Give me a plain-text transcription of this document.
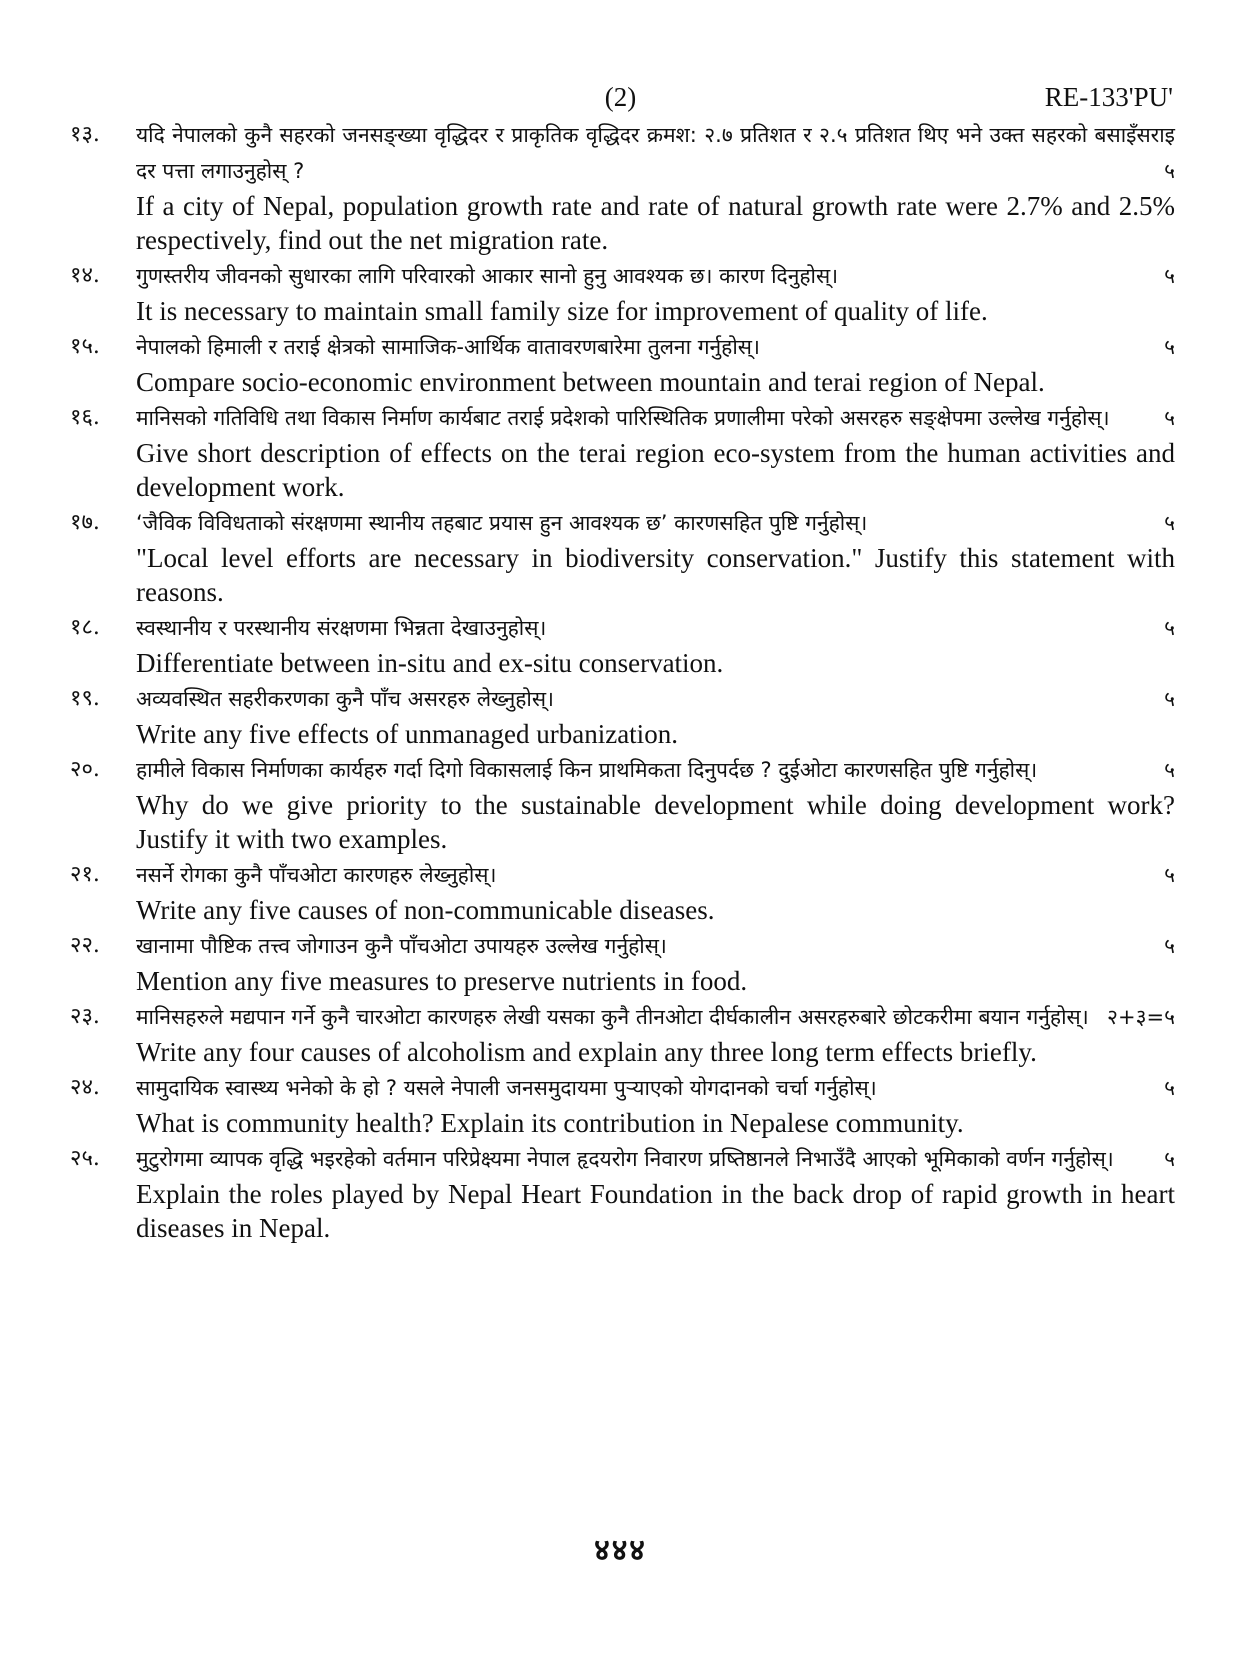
(2)	RE-133'PU'
१३. यदि नेपालको कुनै सहरको जनसङ्ख्या वृद्धिदर र प्राकृतिक वृद्धिदर क्रमश: २.७ प्रतिशत र २.५ प्रतिशत थिए भने उक्त सहरको बसाइँसराइ दर पत्ता लगाउनुहोस् ?	५
If a city of Nepal, population growth rate and rate of natural growth rate were 2.7% and 2.5% respectively, find out the net migration rate.
१४.	५
गुणस्तरीय जीवनको सुधारका लागि परिवारको आकार सानो हुनु आवश्यक छ। कारण दिनुहोस्।
It is necessary to maintain small family size for improvement of quality of life.
१५.	५
नेपालको हिमाली र तराई क्षेत्रको सामाजिक-आर्थिक वातावरणबारेमा तुलना गर्नुहोस्।
Compare socio-economic environment between mountain and terai region of Nepal.
१६. मानिसको गतिविधि तथा विकास निर्माण कार्यबाट तराई प्रदेशको पारिस्थितिक प्रणालीमा परेको असरहरु सङ्क्षेपमा उल्लेख गर्नुहोस्।	५
Give short description of effects on the terai region eco-system from the human activities and development work.
१७.	५
‘जैविक विविधताको संरक्षणमा स्थानीय तहबाट प्रयास हुन आवश्यक छ’ कारणसहित पुष्टि गर्नुहोस्।
"Local level efforts are necessary in biodiversity conservation." Justify this statement with reasons.
१८.	५
स्वस्थानीय र परस्थानीय संरक्षणमा भिन्नता देखाउनुहोस्।
Differentiate between in-situ and ex-situ conservation.
१९.	५
अव्यवस्थित सहरीकरणका कुनै पाँच असरहरु लेख्नुहोस्।
Write any five effects of unmanaged urbanization.
२०. हामीले विकास निर्माणका कार्यहरु गर्दा दिगो विकासलाई किन प्राथमिकता दिनुपर्दछ ? दुईओटा कारणसहित पुष्टि गर्नुहोस्।	५
Why do we give priority to the sustainable development while doing development work? Justify it with two examples.
२१.	५
नसर्ने रोगका कुनै पाँचओटा कारणहरु लेख्नुहोस्।
Write any five causes of non-communicable diseases.
२२.	५
खानामा पौष्टिक तत्त्व जोगाउन कुनै पाँचओटा उपायहरु उल्लेख गर्नुहोस्।
Mention any five measures to preserve nutrients in food.
२३. मानिसहरुले मद्यपान गर्ने कुनै चारओटा कारणहरु लेखी यसका कुनै तीनओटा दीर्घकालीन असरहरुबारे छोटकरीमा बयान गर्नुहोस्। २+३=५
Write any four causes of alcoholism and explain any three long term effects briefly.
२४.	५
सामुदायिक स्वास्थ्य भनेको के हो ? यसले नेपाली जनसमुदायमा पुऱ्याएको योगदानको चर्चा गर्नुहोस्।
What is community health? Explain its contribution in Nepalese community.
२५. मुटुरोगमा व्यापक वृद्धि भइरहेको वर्तमान परिप्रेक्ष्यमा नेपाल हृदयरोग निवारण प्रष्तिष्ठानले निभाउँदै आएको भूमिकाको वर्णन गर्नुहोस्। ५
Explain the roles played by Nepal Heart Foundation in the back drop of rapid growth in heart diseases in Nepal.
४४४
